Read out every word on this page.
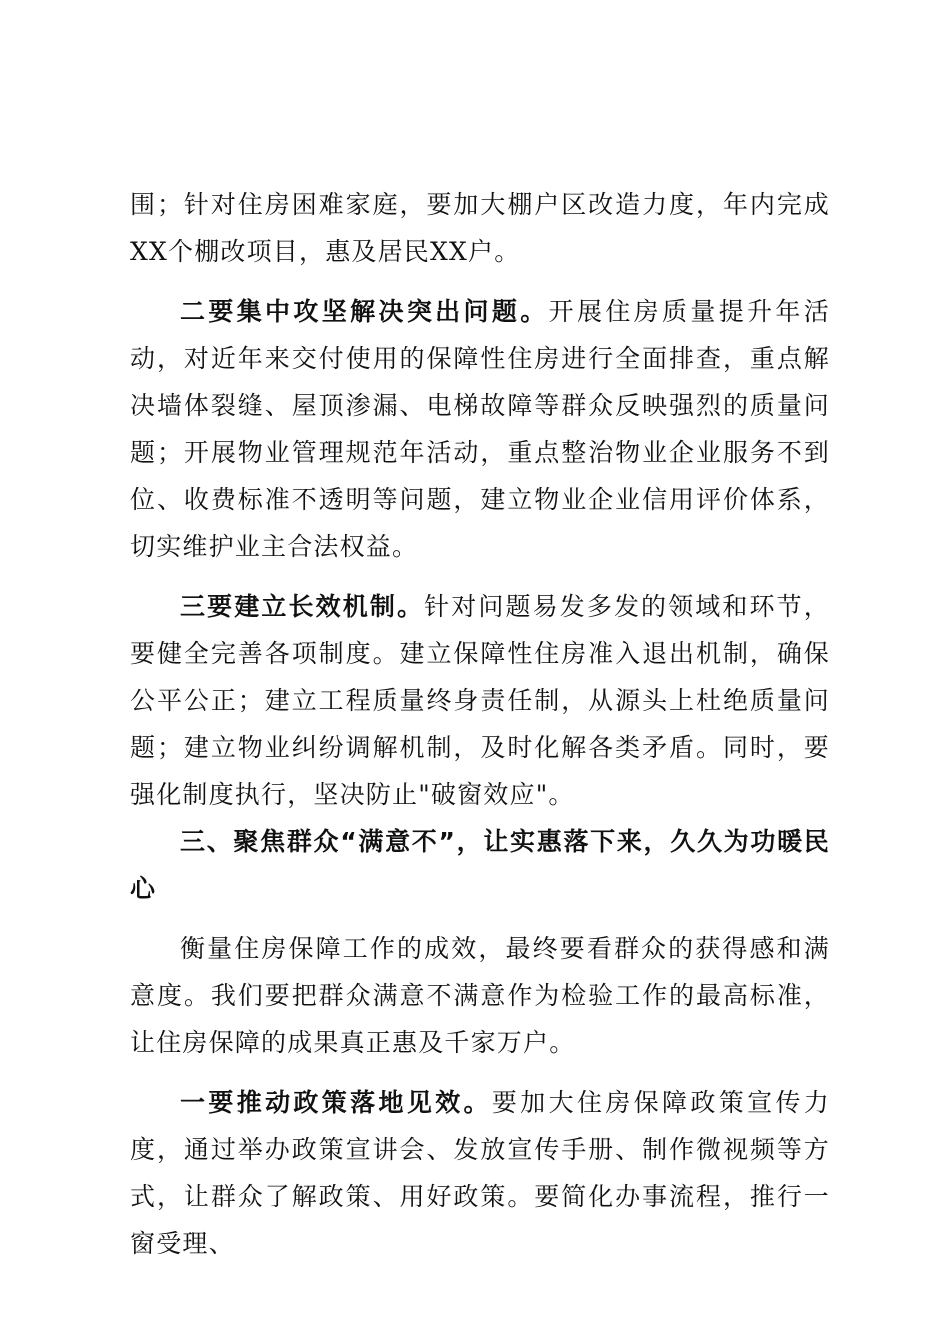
围；针对住房困难家庭，要加大棚户区改造力度，年内完成XX个棚改项目，惠及居民XX户。

二要集中攻坚解决突出问题。开展住房质量提升年活动，对近年来交付使用的保障性住房进行全面排查，重点解决墙体裂缝、屋顶渗漏、电梯故障等群众反映强烈的质量问题；开展物业管理规范年活动，重点整治物业企业服务不到位、收费标准不透明等问题，建立物业企业信用评价体系，切实维护业主合法权益。

三要建立长效机制。针对问题易发多发的领域和环节，要健全完善各项制度。建立保障性住房准入退出机制，确保公平公正；建立工程质量终身责任制，从源头上杜绝质量问题；建立物业纠纷调解机制，及时化解各类矛盾。同时，要强化制度执行，坚决防止"破窗效应"。

三、聚焦群众“满意不”，让实惠落下来，久久为功暖民心

衡量住房保障工作的成效，最终要看群众的获得感和满意度。我们要把群众满意不满意作为检验工作的最高标准，让住房保障的成果真正惠及千家万户。

一要推动政策落地见效。要加大住房保障政策宣传力度，通过举办政策宣讲会、发放宣传手册、制作微视频等方式，让群众了解政策、用好政策。要简化办事流程，推行一窗受理、
